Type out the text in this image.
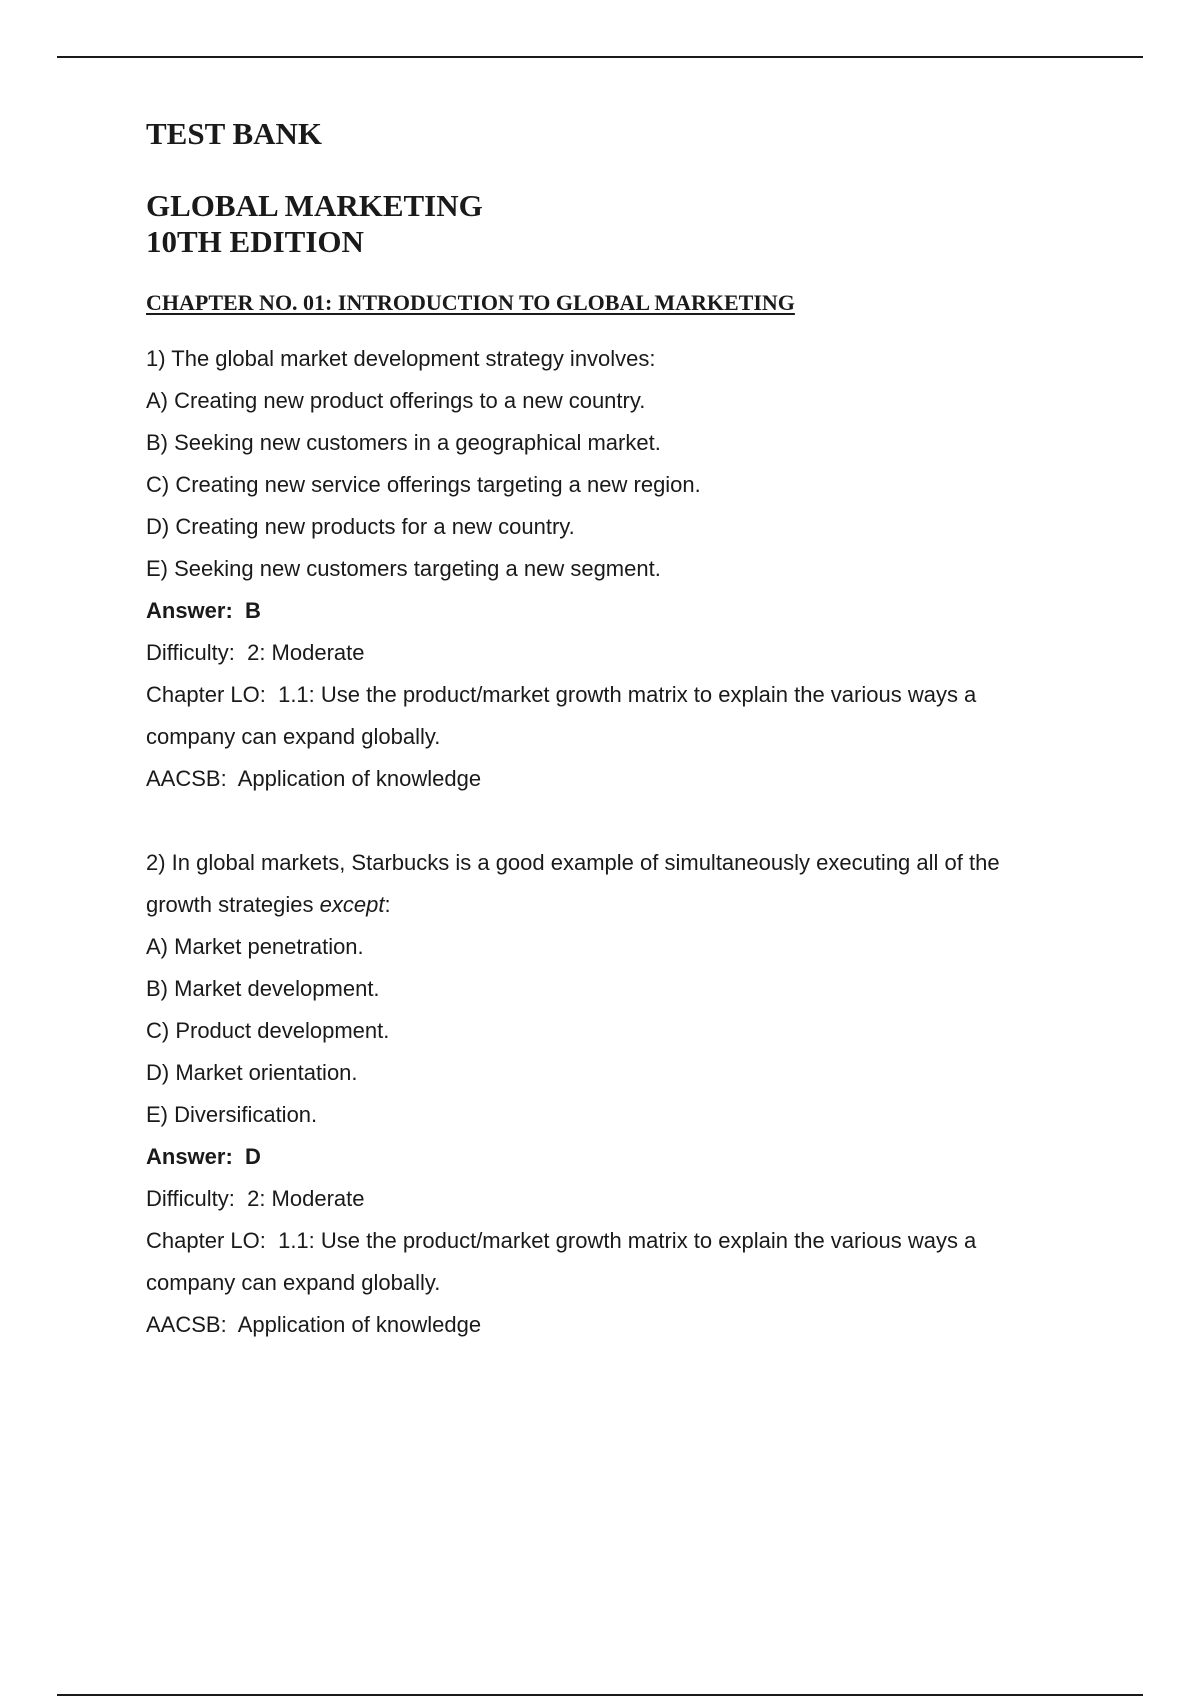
TEST BANK
GLOBAL MARKETING
10TH EDITION
CHAPTER NO. 01: INTRODUCTION TO GLOBAL MARKETING
1) The global market development strategy involves:
A) Creating new product offerings to a new country.
B) Seeking new customers in a geographical market.
C) Creating new service offerings targeting a new region.
D) Creating new products for a new country.
E) Seeking new customers targeting a new segment.
Answer: B
Difficulty: 2: Moderate
Chapter LO: 1.1: Use the product/market growth matrix to explain the various ways a
company can expand globally.
AACSB: Application of knowledge
2) In global markets, Starbucks is a good example of simultaneously executing all of the
growth strategies except:
A) Market penetration.
B) Market development.
C) Product development.
D) Market orientation.
E) Diversification.
Answer: D
Difficulty: 2: Moderate
Chapter LO: 1.1: Use the product/market growth matrix to explain the various ways a
company can expand globally.
AACSB: Application of knowledge
